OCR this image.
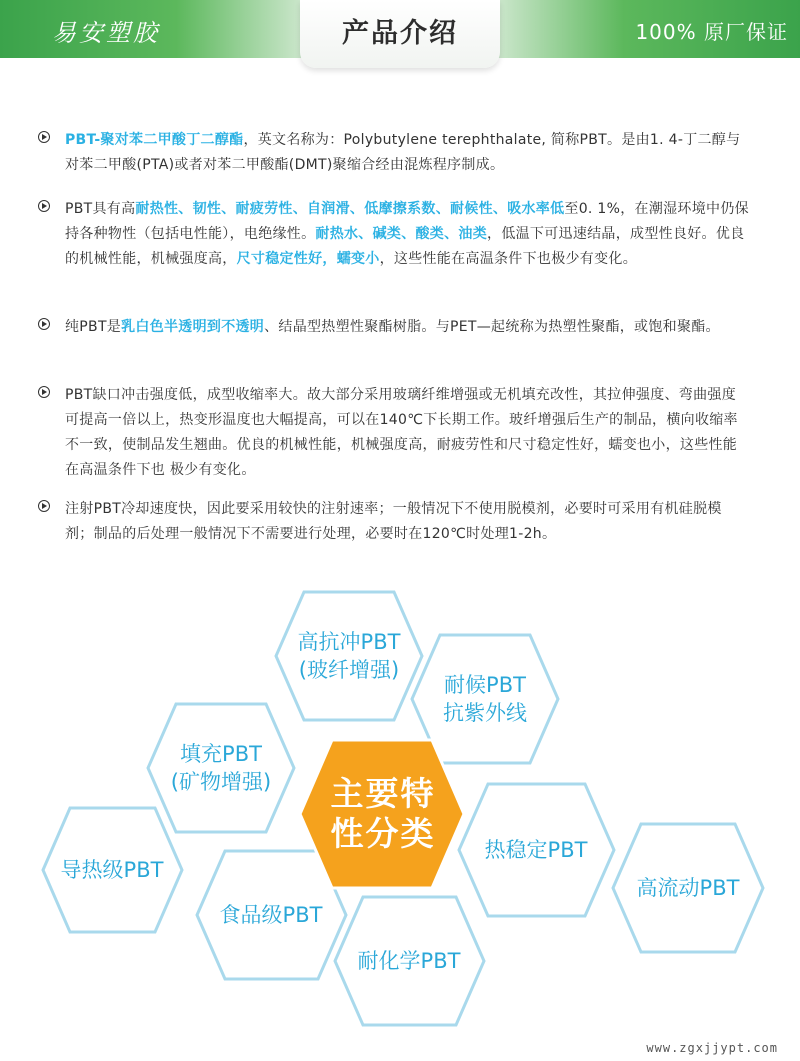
易安塑胶	产品介绍	100% 原厂保证
PBT-聚对苯二甲酸丁二醇酯，英文名称为：Polybutylene terephthalate, 简称PBT。是由1. 4-丁二醇与对苯二甲酸(PTA)或者对苯二甲酸酯(DMT)聚缩合经由混炼程序制成。
PBT具有高耐热性、韧性、耐疲劳性、自润滑、低摩擦系数、耐候性、吸水率低至0. 1%，在潮湿环境中仍保持各种物性（包括电性能），电绝缘性。耐热水、碱类、酸类、油类，低温下可迅速结晶，成型性良好。优良的机械性能，机械强度高，尺寸稳定性好，蠕变小，这些性能在高温条件下也极少有变化。
纯PBT是乳白色半透明到不透明、结晶型热塑性聚酯树脂。与PET—起统称为热塑性聚酯，或饱和聚酯。
PBT缺口冲击强度低，成型收缩率大。故大部分采用玻璃纤维增强或无机填充改性，其拉伸强度、弯曲强度可提高一倍以上，热变形温度也大幅提高，可以在140℃下长期工作。玻纤增强后生产的制品，横向收缩率不一致，使制品发生翘曲。优良的机械性能，机械强度高，耐疲劳性和尺寸稳定性好，蠕变也小，这些性能在高温条件下也 极少有变化。
注射PBT冷却速度快，因此要采用较快的注射速率；一般情况下不使用脱模剂，必要时可采用有机硅脱模剂；制品的后处理一般情况下不需要进行处理，必要时在120℃时处理1-2h。
主要特
性分类
高抗冲PBT
(玻纤增强)
耐候PBT
抗紫外线
填充PBT
(矿物增强)
导热级PBT
食品级PBT
热稳定PBT
耐化学PBT
高流动PBT
www.zgxjjypt.com
